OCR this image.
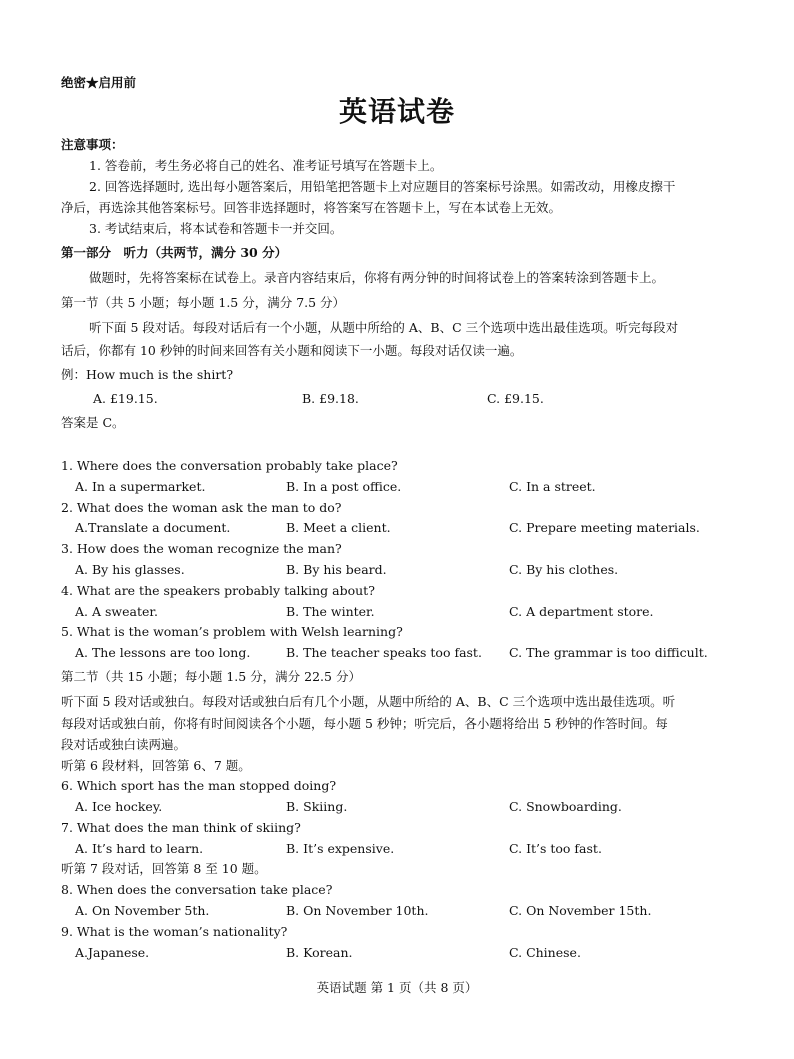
绝密★启用前
英语试卷
注意事项：
1. 答卷前，考生务必将自己的姓名、准考证号填写在答题卡上。
2. 回答选择题时, 选出每小题答案后，用铅笔把答题卡上对应题目的答案标号涂黑。如需改动，用橡皮擦干
净后，再选涂其他答案标号。回答非选择题时，将答案写在答题卡上，写在本试卷上无效。
3. 考试结束后，将本试卷和答题卡一并交回。
第一部分　听力（共两节，满分 30 分）
做题时，先将答案标在试卷上。录音内容结束后，你将有两分钟的时间将试卷上的答案转涂到答题卡上。
第一节（共 5 小题；每小题 1.5 分，满分 7.5 分）
听下面 5 段对话。每段对话后有一个小题，从题中所给的 A、B、C 三个选项中选出最佳选项。听完每段对
话后，你都有 10 秒钟的时间来回答有关小题和阅读下一小题。每段对话仅读一遍。
例：How much is the shirt?
A. £19.15.	B. £9.18.	C. £9.15.
答案是 C。
1. Where does the conversation probably take place?
A. In a supermarket.	B. In a post office.	C. In a street.
2. What does the woman ask the man to do?
A.Translate a document.	B. Meet a client.	C. Prepare meeting materials.
3. How does the woman recognize the man?
A. By his glasses.	B. By his beard.	C. By his clothes.
4. What are the speakers probably talking about?
A. A sweater.	B. The winter.	C. A department store.
5. What is the woman’s problem with Welsh learning?
A. The lessons are too long.	B. The teacher speaks too fast. C. The grammar is too difficult.
第二节（共 15 小题；每小题 1.5 分，满分 22.5 分）
听下面 5 段对话或独白。每段对话或独白后有几个小题，从题中所给的 A、B、C 三个选项中选出最佳选项。听
每段对话或独白前，你将有时间阅读各个小题，每小题 5 秒钟；听完后，各小题将给出 5 秒钟的作答时间。每
段对话或独白读两遍。
听第 6 段材料，回答第 6、7 题。
6. Which sport has the man stopped doing?
A. Ice hockey.	B. Skiing.	C. Snowboarding.
7. What does the man think of skiing?
A. It’s hard to learn.	B. It’s expensive.	C. It’s too fast.
听第 7 段对话，回答第 8 至 10 题。
8. When does the conversation take place?
A. On November 5th.	B. On November 10th.	C. On November 15th.
9. What is the woman’s nationality?
A.Japanese.	B. Korean.	C. Chinese.
英语试题 第 1 页（共 8 页）
